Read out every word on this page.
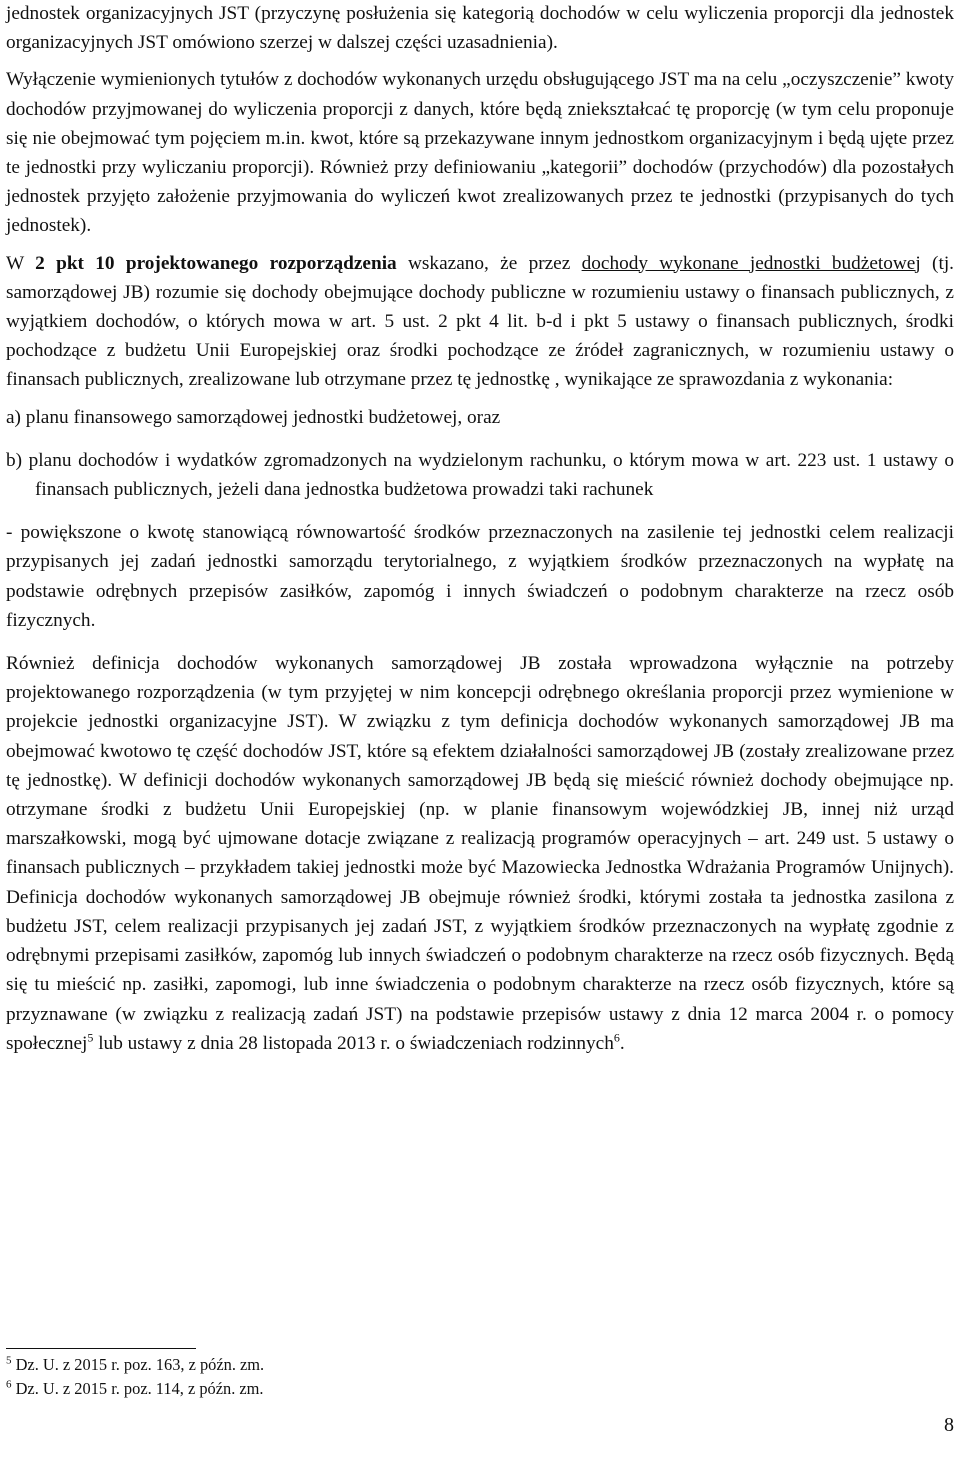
jednostek organizacyjnych JST (przyczynę posłużenia się kategorią dochodów w celu wyliczenia proporcji dla jednostek organizacyjnych JST omówiono szerzej w dalszej części uzasadnienia).

Wyłączenie wymienionych tytułów z dochodów wykonanych urzędu obsługującego JST ma na celu „oczyszczenie” kwoty dochodów przyjmowanej do wyliczenia proporcji z danych, które będą zniekształcać tę proporcję (w tym celu proponuje się nie obejmować tym pojęciem m.in. kwot, które są przekazywane innym jednostkom organizacyjnym i będą ujęte przez te jednostki przy wyliczaniu proporcji). Również przy definiowaniu „kategorii” dochodów (przychodów) dla pozostałych jednostek przyjęto założenie przyjmowania do wyliczeń kwot zrealizowanych przez te jednostki (przypisanych do tych jednostek).

W 2 pkt 10 projektowanego rozporządzenia wskazano, że przez dochody wykonane jednostki budżetowej (tj. samorządowej JB) rozumie się dochody obejmujące dochody publiczne w rozumieniu ustawy o finansach publicznych, z wyjątkiem dochodów, o których mowa w art. 5 ust. 2 pkt 4 lit. b-d i pkt 5 ustawy o finansach publicznych, środki pochodzące z budżetu Unii Europejskiej oraz środki pochodzące ze źródeł zagranicznych, w rozumieniu ustawy o finansach publicznych, zrealizowane lub otrzymane przez tę jednostkę , wynikające ze sprawozdania z wykonania:

a) planu finansowego samorządowej jednostki budżetowej, oraz

b) planu dochodów i wydatków zgromadzonych na wydzielonym rachunku, o którym mowa w art. 223 ust. 1 ustawy o finansach publicznych, jeżeli dana jednostka budżetowa prowadzi taki rachunek

- powiększone o kwotę stanowiącą równowartość środków przeznaczonych na zasilenie tej jednostki celem realizacji przypisanych jej zadań jednostki samorządu terytorialnego, z wyjątkiem środków przeznaczonych na wypłatę na podstawie odrębnych przepisów zasiłków, zapomóg i innych świadczeń o podobnym charakterze na rzecz osób fizycznych.

Również definicja dochodów wykonanych samorządowej JB została wprowadzona wyłącznie na potrzeby projektowanego rozporządzenia (w tym przyjętej w nim koncepcji odrębnego określania proporcji przez wymienione w projekcie jednostki organizacyjne JST). W związku z tym definicja dochodów wykonanych samorządowej JB ma obejmować kwotowo tę część dochodów JST, które są efektem działalności samorządowej JB (zostały zrealizowane przez tę jednostkę). W definicji dochodów wykonanych samorządowej JB będą się mieścić również dochody obejmujące np. otrzymane środki z budżetu Unii Europejskiej (np. w planie finansowym wojewódzkiej JB, innej niż urząd marszałkowski, mogą być ujmowane dotacje związane z realizacją programów operacyjnych – art. 249 ust. 5 ustawy o finansach publicznych – przykładem takiej jednostki może być Mazowiecka Jednostka Wdrażania Programów Unijnych). Definicja dochodów wykonanych samorządowej JB obejmuje również środki, którymi została ta jednostka zasilona z budżetu JST, celem realizacji przypisanych jej zadań JST, z wyjątkiem środków przeznaczonych na wypłatę zgodnie z odrębnymi przepisami zasiłków, zapomóg lub innych świadczeń o podobnym charakterze na rzecz osób fizycznych. Będą się tu mieścić np. zasiłki, zapomogi, lub inne świadczenia o podobnym charakterze na rzecz osób fizycznych, które są przyznawane (w związku z realizacją zadań JST) na podstawie przepisów ustawy z dnia 12 marca 2004 r. o pomocy społecznej$^5$ lub ustawy z dnia 28 listopada 2013 r. o świadczeniach rodzinnych$^6$.

$^5$ Dz. U. z 2015 r. poz. 163, z późn. zm.
$^6$ Dz. U. z 2015 r. poz. 114, z późn. zm.
8
